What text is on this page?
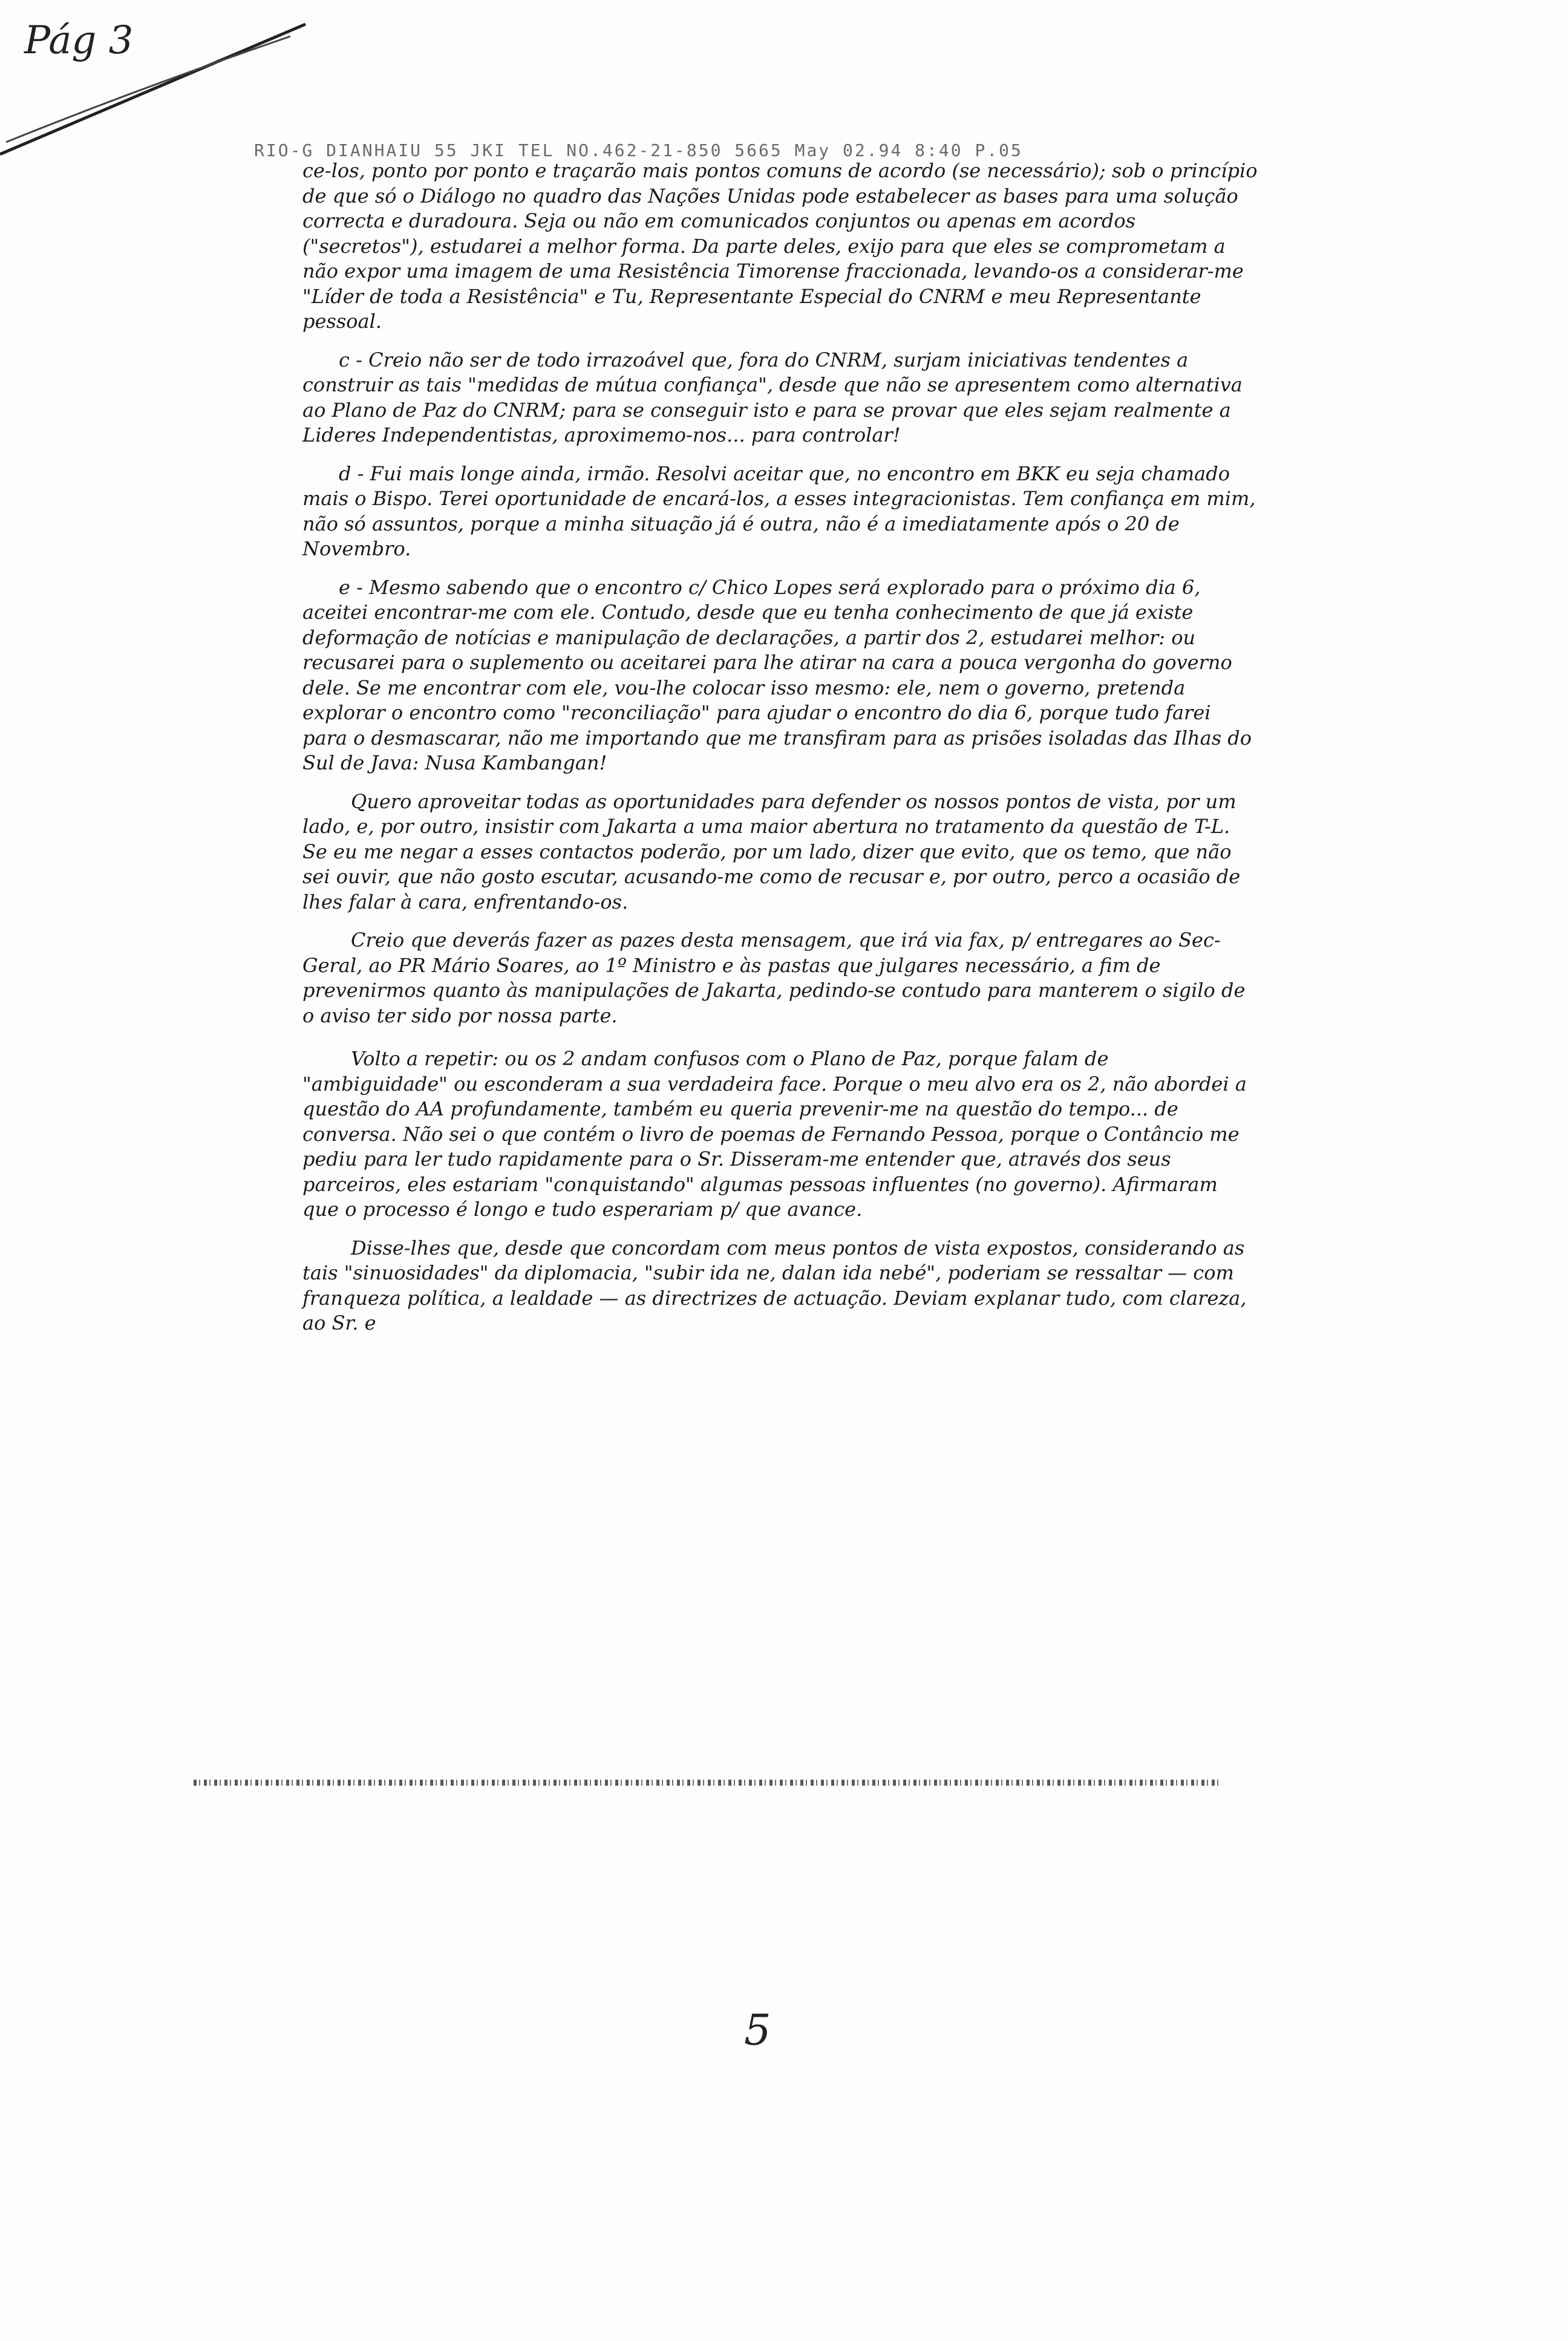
Pág 3
RIO-G DIANHAIU 55 JKI TEL NO.462-21-850 5665 May 02.94 8:40 P.05

ce-los, ponto por ponto e traçarão mais pontos comuns de acordo (se necessário); sob o princípio de que só o Diálogo no quadro das Nações Unidas pode estabelecer as bases para uma solução correcta e duradoura. Seja ou não em comunicados conjuntos ou apenas em acordos ("secretos"), estudarei a melhor forma. Da parte deles, exijo para que eles se comprometam a não expor uma imagem de uma Resistência Timorense fraccionada, levando-os a considerar-me "Líder de toda a Resistência" e Tu, Representante Especial do CNRM e meu Representante pessoal.

c - Creio não ser de todo irrazoável que, fora do CNRM, surjam iniciativas tendentes a construir as tais "medidas de mútua confiança", desde que não se apresentem como alternativa ao Plano de Paz do CNRM; para se conseguir isto e para se provar que eles sejam realmente a Lideres Independentistas, aproximemo-nos... para controlar!

d - Fui mais longe ainda, irmão. Resolvi aceitar que, no encontro em BKK eu seja chamado mais o Bispo. Terei oportunidade de encará-los, a esses integracionistas. Tem confiança em mim, não só assuntos, porque a minha situação já é outra, não é a imediatamente após o 20 de Novembro.

e - Mesmo sabendo que o encontro c/ Chico Lopes será explorado para o próximo dia 6, aceitei encontrar-me com ele. Contudo, desde que eu tenha conhecimento de que já existe deformação de notícias e manipulação de declarações, a partir dos 2, estudarei melhor: ou recusarei para o suplemento ou aceitarei para lhe atirar na cara a pouca vergonha do governo dele. Se me encontrar com ele, vou-lhe colocar isso mesmo: ele, nem o governo, pretenda explorar o encontro como "reconciliação" para ajudar o encontro do dia 6, porque tudo farei para o desmascarar, não me importando que me transfiram para as prisões isoladas das Ilhas do Sul de Java: Nusa Kambangan!

Quero aproveitar todas as oportunidades para defender os nossos pontos de vista, por um lado, e, por outro, insistir com Jakarta a uma maior abertura no tratamento da questão de T-L. Se eu me negar a esses contactos poderão, por um lado, dizer que evito, que os temo, que não sei ouvir, que não gosto escutar, acusando-me como de recusar e, por outro, perco a ocasião de lhes falar à cara, enfrentando-os.

Creio que deverás fazer as pazes desta mensagem, que irá via fax, p/ entregares ao Sec-Geral, ao PR Mário Soares, ao 1º Ministro e às pastas que julgares necessário, a fim de prevenirmos quanto às manipulações de Jakarta, pedindo-se contudo para manterem o sigilo de o aviso ter sido por nossa parte.

Volto a repetir: ou os 2 andam confusos com o Plano de Paz, porque falam de "ambiguidade" ou esconderam a sua verdadeira face. Porque o meu alvo era os 2, não abordei a questão do AA profundamente, também eu queria prevenir-me na questão do tempo... de conversa. Não sei o que contém o livro de poemas de Fernando Pessoa, porque o Contâncio me pediu para ler tudo rapidamente para o Sr. Disseram-me entender que, através dos seus parceiros, eles estariam "conquistando" algumas pessoas influentes (no governo). Afirmaram que o processo é longo e tudo esperariam p/ que avance.

Disse-lhes que, desde que concordam com meus pontos de vista expostos, considerando as tais "sinuosidades" da diplomacia, "subir ida ne, dalan ida nebé", poderiam se ressaltar — com franqueza política, a lealdade — as directrizes de actuação. Deviam explanar tudo, com clareza, ao Sr. e

5
